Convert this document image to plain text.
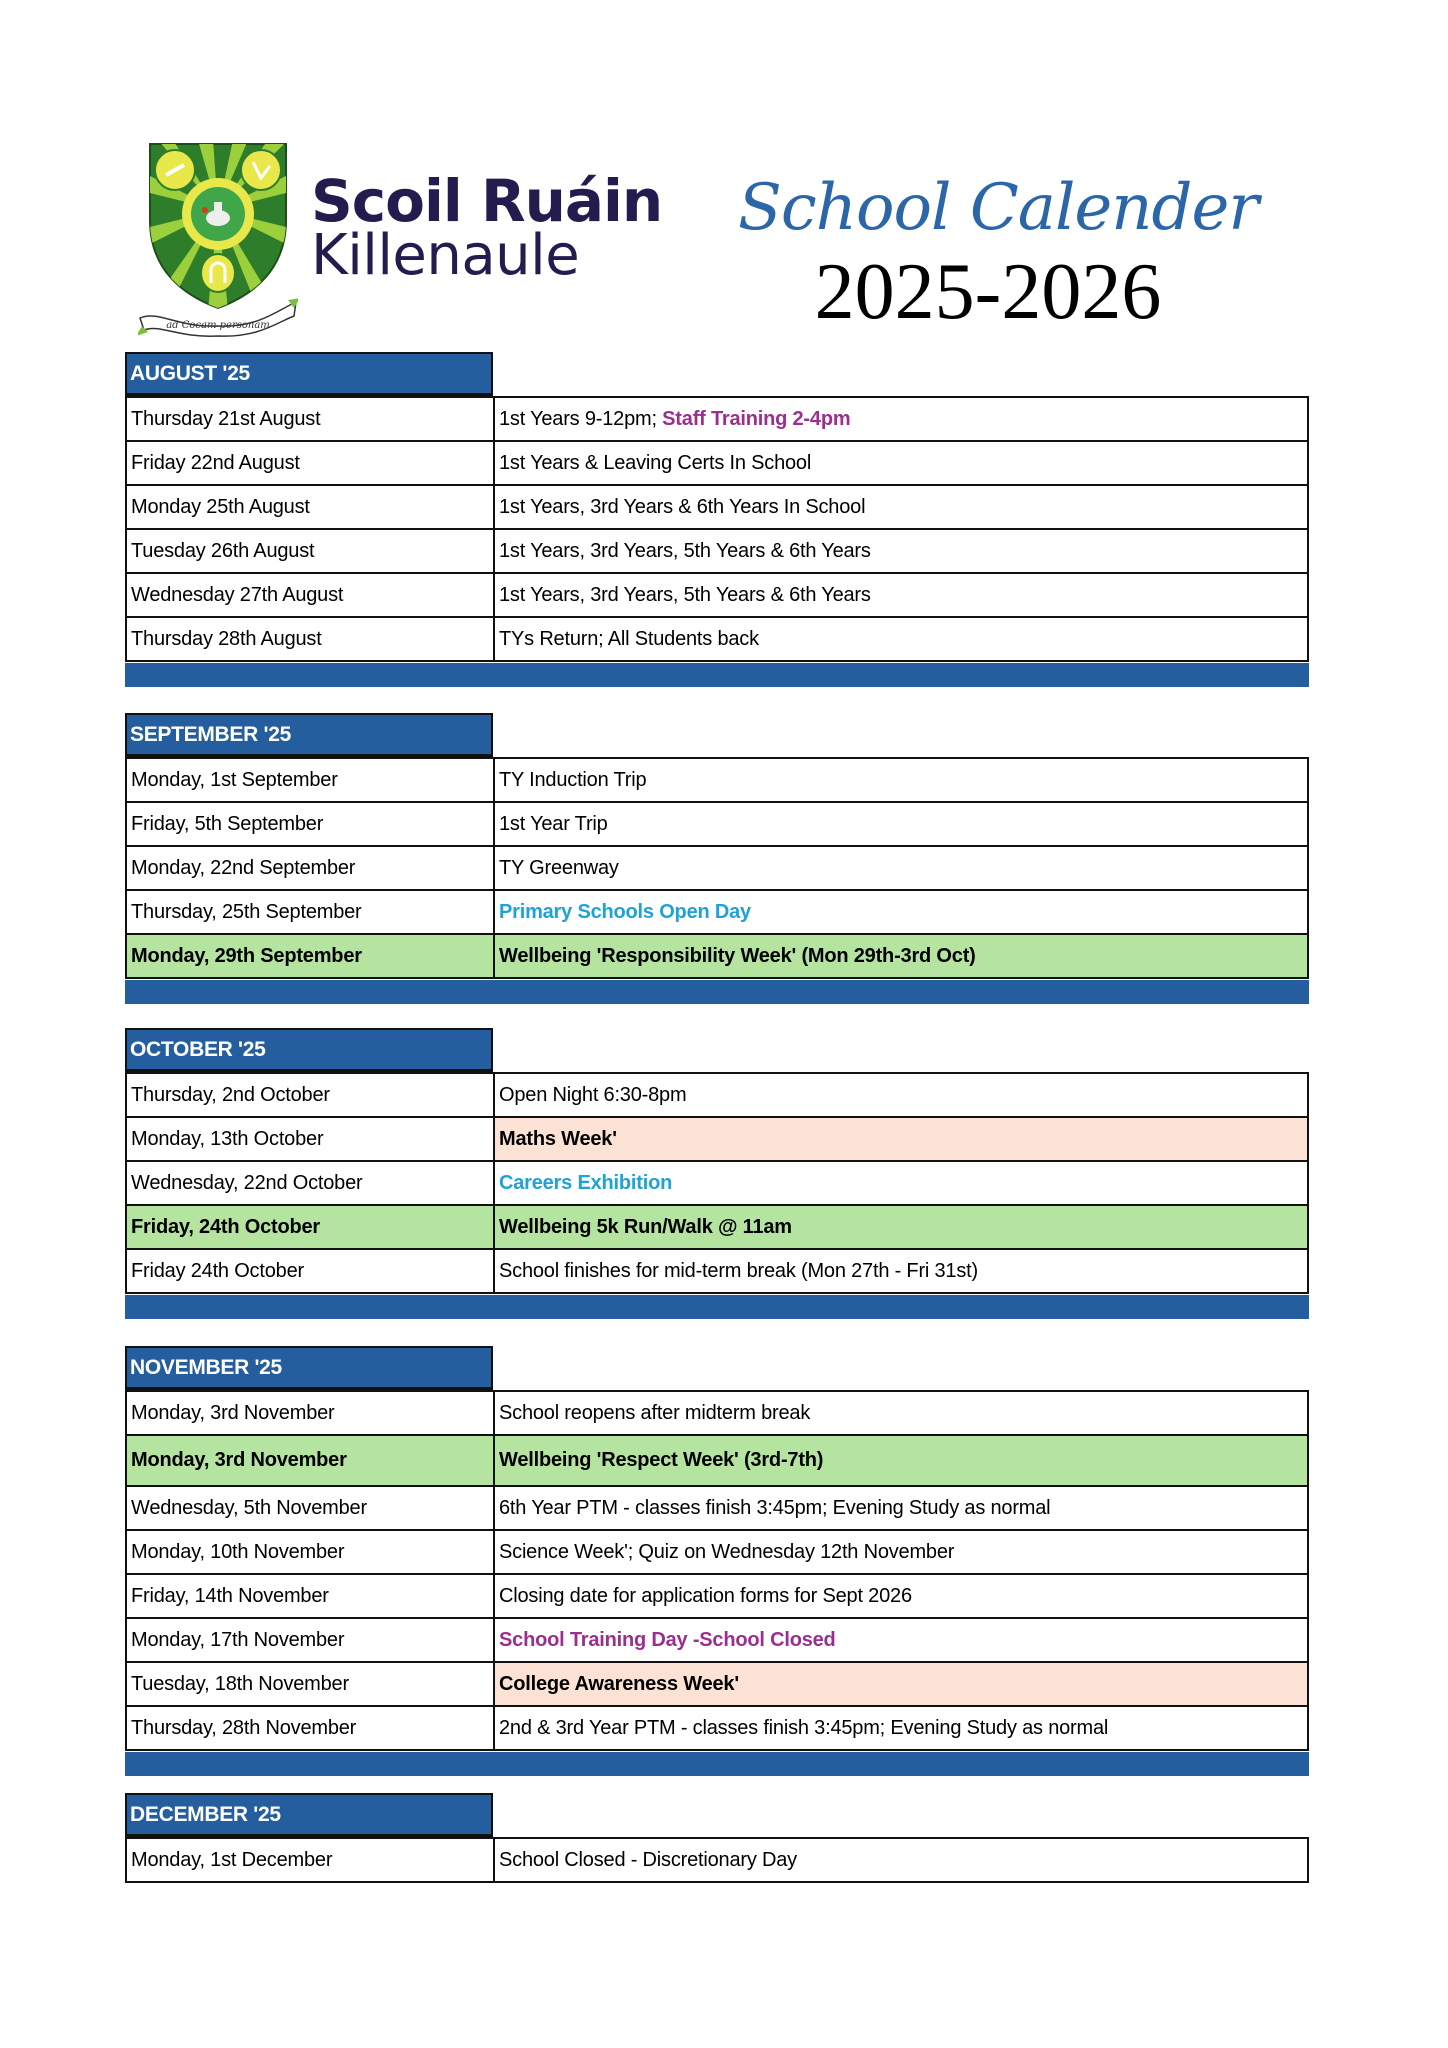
ad Cocam personam
Scoil Ruáin
Killenaule
School Calender
2025-2026
AUGUST '25
Thursday 21st August	1st Years 9-12pm; Staff Training 2-4pm
Friday 22nd August	1st Years & Leaving Certs In School
Monday 25th August	1st Years, 3rd Years & 6th Years In School
Tuesday 26th August	1st Years, 3rd Years, 5th Years & 6th Years
Wednesday 27th August	1st Years, 3rd Years, 5th Years & 6th Years
Thursday 28th August	TYs Return; All Students back
SEPTEMBER '25
Monday, 1st September	TY Induction Trip
Friday, 5th September	1st Year Trip
Monday, 22nd September	TY Greenway
Thursday, 25th September	Primary Schools Open Day
Monday, 29th September	Wellbeing 'Responsibility Week' (Mon 29th-3rd Oct)
OCTOBER '25
Thursday, 2nd October	Open Night 6:30-8pm
Monday, 13th October	Maths Week'
Wednesday, 22nd October	Careers Exhibition
Friday, 24th October	Wellbeing 5k Run/Walk @ 11am
Friday 24th October	School finishes for mid-term break (Mon 27th - Fri 31st)
NOVEMBER '25
Monday, 3rd November	School reopens after midterm break
Monday, 3rd November	Wellbeing 'Respect Week' (3rd-7th)
Wednesday, 5th November	6th Year PTM - classes finish 3:45pm; Evening Study as normal
Monday, 10th November	Science Week'; Quiz on Wednesday 12th November
Friday, 14th November	Closing date for application forms for Sept 2026
Monday, 17th November	School Training Day -School Closed
Tuesday, 18th November	College Awareness Week'
Thursday, 28th November	2nd & 3rd Year PTM - classes finish 3:45pm; Evening Study as normal
DECEMBER '25
Monday, 1st December	School Closed - Discretionary Day
